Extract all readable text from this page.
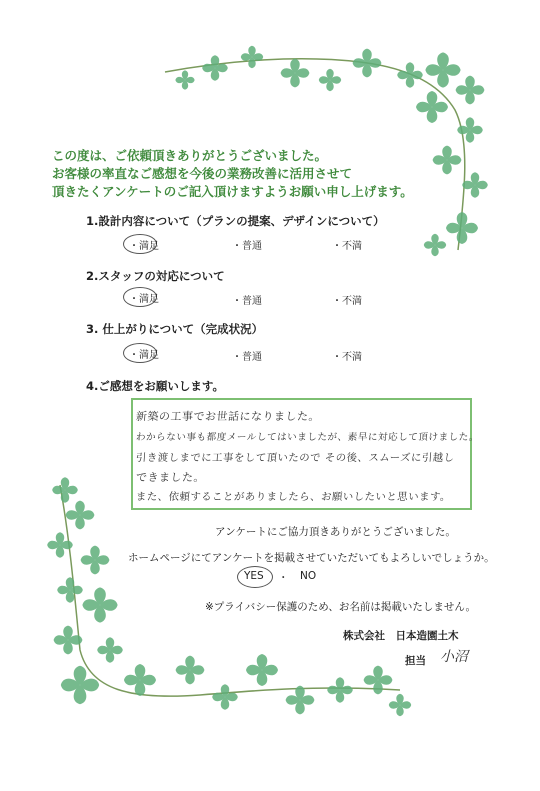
この度は、ご依頼頂きありがとうございました。
お客様の率直なご感想を今後の業務改善に活用させて
頂きたくアンケートのご記入頂けますようお願い申し上げます。
1.設計内容について（プランの提案、デザインについて）
・満足	・普通	・不満
2.スタッフの対応について
・満足	・普通	・不満
3. 仕上がりについて（完成状況）
・満足	・普通	・不満
4.ご感想をお願いします。
新築の工事でお世話になりました。
わからない事も都度メールしてはいましたが、素早に対応して頂けました。
引き渡しまでに工事をして頂いたので その後、スムーズに引越し
できました。
また、依頼することがありましたら、お願いしたいと思います。
アンケートにご協力頂きありがとうございました。
ホームページにてアンケートを掲載させていただいてもよろしいでしょうか。
YES ・ NO
※プライバシー保護のため、お名前は掲載いたしません。
株式会社　日本造園土木
担当 小沼
